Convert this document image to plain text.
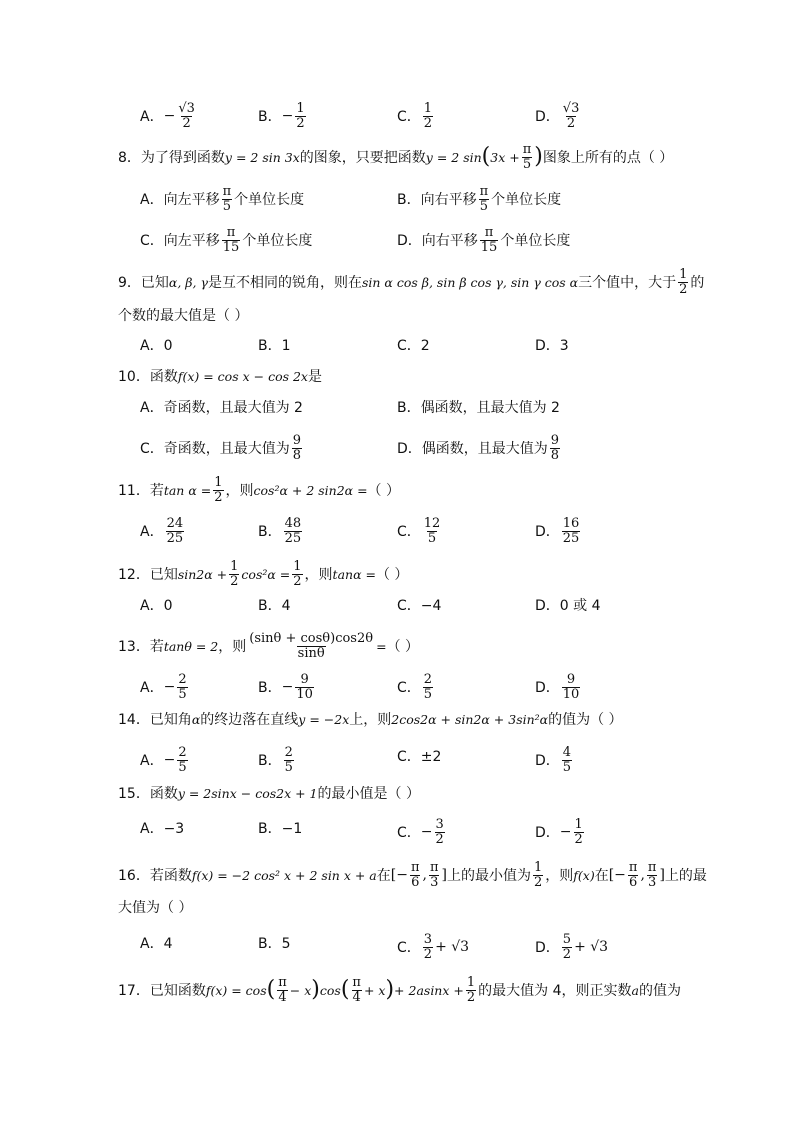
A． − $\frac{√3}{2}$	B． − $\frac{1}{2}$	C． $\frac{1}{2}$	D． $\frac{√3}{2}$
8．为了得到函数 y = 2 sin 3x 的图象，只要把函数 y = 2 sin ( $3x + \frac{\pi}{5}$ ) 图象上所有的点（ ）
A．向左平移 $\frac{\pi}{5}$ 个单位长度	B．向右平移 $\frac{\pi}{5}$ 个单位长度
C．向左平移 $\frac{\pi}{15}$ 个单位长度	D．向右平移 $\frac{\pi}{15}$ 个单位长度
9．已知 α, β, γ 是互不相同的锐角，则在 sin α cos β, sin β cos γ, sin γ cos α 三个值中，大于 $\frac{1}{2}$ 的
个数的最大值是（ ）
A．0	B．1	C．2	D．3
10．函数 f(x) = cos x − cos 2x 是
A．奇函数，且最大值为 2	B．偶函数，且最大值为 2
C．奇函数，且最大值为 $\frac{9}{8}$	D．偶函数，且最大值为 $\frac{9}{8}$
11．若 $\tan \alpha = \frac{1}{2}$ ，则 cos²α + 2 sin2α = （ ）
A． $\frac{24}{25}$	B． $\frac{48}{25}$	C． $\frac{12}{5}$	D． $\frac{16}{25}$
12．已知 $\sin 2\alpha + \frac{1}{2} \cos^2\alpha = \frac{1}{2}$ ，则 tanα = （ ）
A．0	B．4	C．−4	D．0 或 4
13．若 tanθ = 2 ，则 $\frac{(\sin\theta + \cos\theta)\cos 2\theta}{\sin\theta}$ = （ ）
A． − $\frac{2}{5}$	B． − $\frac{9}{10}$	C． $\frac{2}{5}$	D． $\frac{9}{10}$
14．已知角 α 的终边落在直线 y = −2x 上，则 2cos2α + sin2α + 3sin²α 的值为（ ）
A． − $\frac{2}{5}$	B． $\frac{2}{5}$	C．±2	D． $\frac{4}{5}$
15．函数 y = 2sinx − cos2x + 1 的最小值是（ ）
A．−3	B．−1	C． − $\frac{3}{2}$	D． − $\frac{1}{2}$
16．若函数 f(x) = −2 cos² x + 2 sin x + a 在 [− $\frac{\pi}{6}$ , $\frac{\pi}{3}$ ] 上的最小值为 $\frac{1}{2}$ ，则 f(x) 在 [− $\frac{\pi}{6}$ , $\frac{\pi}{3}$ ] 上的最
大值为（ ）
A．4	B．5	C． $\frac{3}{2} + √3$	D． $\frac{5}{2} + √3$
17．已知函数 f(x) = cos ( $\frac{\pi}{4} - x$ ) cos ( $\frac{\pi}{4} + x$ ) + $2asinx + \frac{1}{2}$ 的最大值为 4，则正实数 a 的值为
